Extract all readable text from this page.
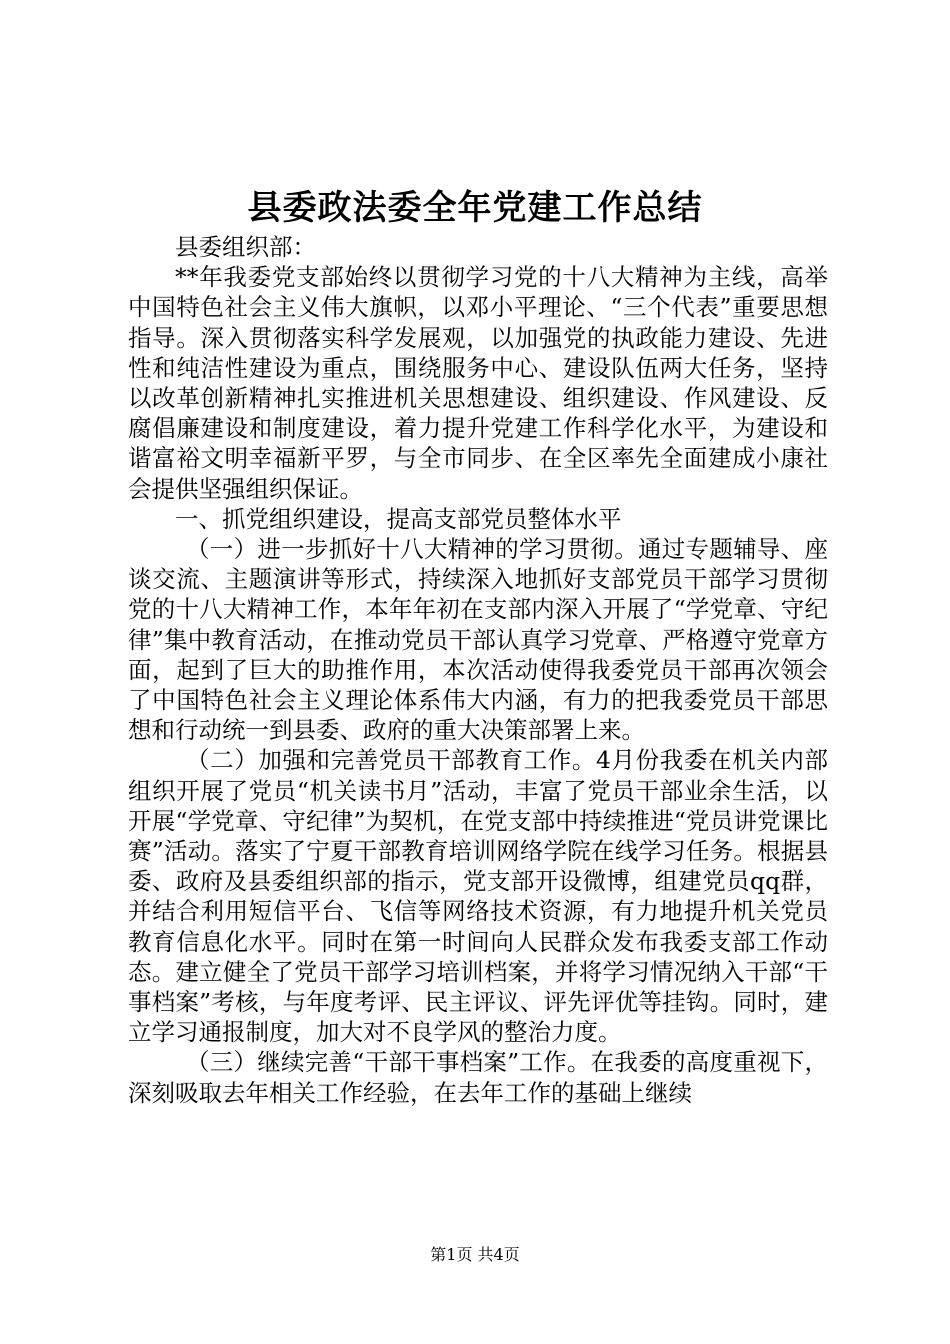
县委政法委全年党建工作总结

县委组织部：

**年我委党支部始终以贯彻学习党的十八大精神为主线，高举中国特色社会主义伟大旗帜，以邓小平理论、“三个代表”重要思想指导。深入贯彻落实科学发展观，以加强党的执政能力建设、先进性和纯洁性建设为重点，围绕服务中心、建设队伍两大任务，坚持以改革创新精神扎实推进机关思想建设、组织建设、作风建设、反腐倡廉建设和制度建设，着力提升党建工作科学化水平，为建设和谐富裕文明幸福新平罗，与全市同步、在全区率先全面建成小康社会提供坚强组织保证。

一、抓党组织建设，提高支部党员整体水平

（一）进一步抓好十八大精神的学习贯彻。通过专题辅导、座谈交流、主题演讲等形式，持续深入地抓好支部党员干部学习贯彻党的十八大精神工作，本年年初在支部内深入开展了“学党章、守纪律”集中教育活动，在推动党员干部认真学习党章、严格遵守党章方面，起到了巨大的助推作用，本次活动使得我委党员干部再次领会了中国特色社会主义理论体系伟大内涵，有力的把我委党员干部思想和行动统一到县委、政府的重大决策部署上来。

（二）加强和完善党员干部教育工作。4月份我委在机关内部组织开展了党员“机关读书月”活动，丰富了党员干部业余生活，以开展“学党章、守纪律”为契机，在党支部中持续推进“党员讲党课比赛”活动。落实了宁夏干部教育培训网络学院在线学习任务。根据县委、政府及县委组织部的指示，党支部开设微博，组建党员qq群，并结合利用短信平台、飞信等网络技术资源，有力地提升机关党员教育信息化水平。同时在第一时间向人民群众发布我委支部工作动态。建立健全了党员干部学习培训档案，并将学习情况纳入干部“干事档案”考核，与年度考评、民主评议、评先评优等挂钩。同时，建立学习通报制度，加大对不良学风的整治力度。

（三）继续完善“干部干事档案”工作。在我委的高度重视下，深刻吸取去年相关工作经验，在去年工作的基础上继续

第1页 共4页
